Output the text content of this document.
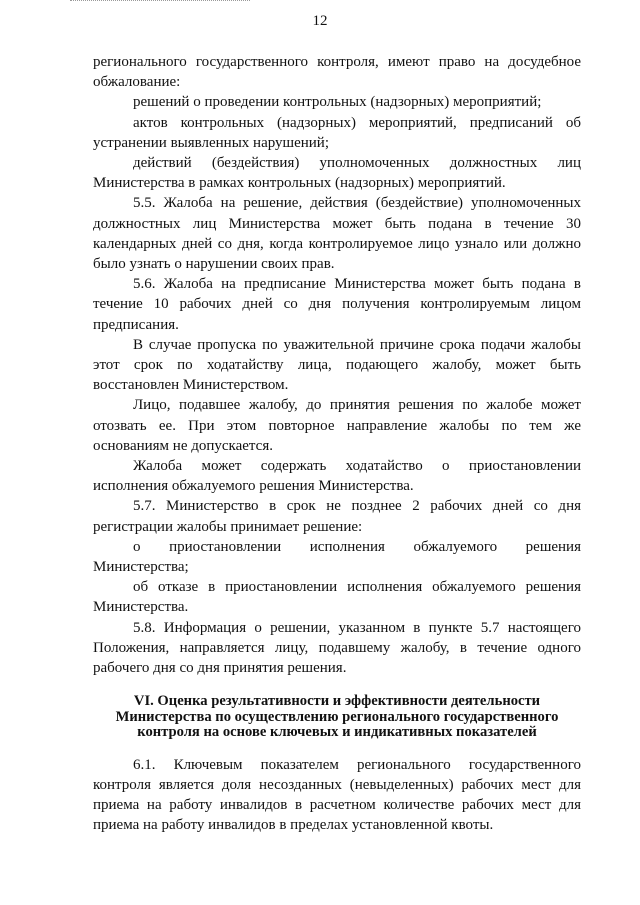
12

регионального государственного контроля, имеют право на досудебное обжалование:

решений о проведении контрольных (надзорных) мероприятий;

актов контрольных (надзорных) мероприятий, предписаний об устранении выявленных нарушений;

действий (бездействия) уполномоченных должностных лиц Министерства в рамках контрольных (надзорных) мероприятий.

5.5. Жалоба на решение, действия (бездействие) уполномоченных должностных лиц Министерства может быть подана в течение 30 календарных дней со дня, когда контролируемое лицо узнало или должно было узнать о нарушении своих прав.

5.6. Жалоба на предписание Министерства может быть подана в течение 10 рабочих дней со дня получения контролируемым лицом предписания.

В случае пропуска по уважительной причине срока подачи жалобы этот срок по ходатайству лица, подающего жалобу, может быть восстановлен Министерством.

Лицо, подавшее жалобу, до принятия решения по жалобе может отозвать ее. При этом повторное направление жалобы по тем же основаниям не допускается.

Жалоба может содержать ходатайство о приостановлении исполнения обжалуемого решения Министерства.

5.7. Министерство в срок не позднее 2 рабочих дней со дня регистрации жалобы принимает решение:

о приостановлении исполнения обжалуемого решения Министерства;

об отказе в приостановлении исполнения обжалуемого решения Министерства.

5.8. Информация о решении, указанном в пункте 5.7 настоящего Положения, направляется лицу, подавшему жалобу, в течение одного рабочего дня со дня принятия решения.

VI. Оценка результативности и эффективности деятельности Министерства по осуществлению регионального государственного контроля на основе ключевых и индикативных показателей

6.1. Ключевым показателем регионального государственного контроля является доля несозданных (невыделенных) рабочих мест для приема на работу инвалидов в расчетном количестве рабочих мест для приема на работу инвалидов в пределах установленной квоты.
